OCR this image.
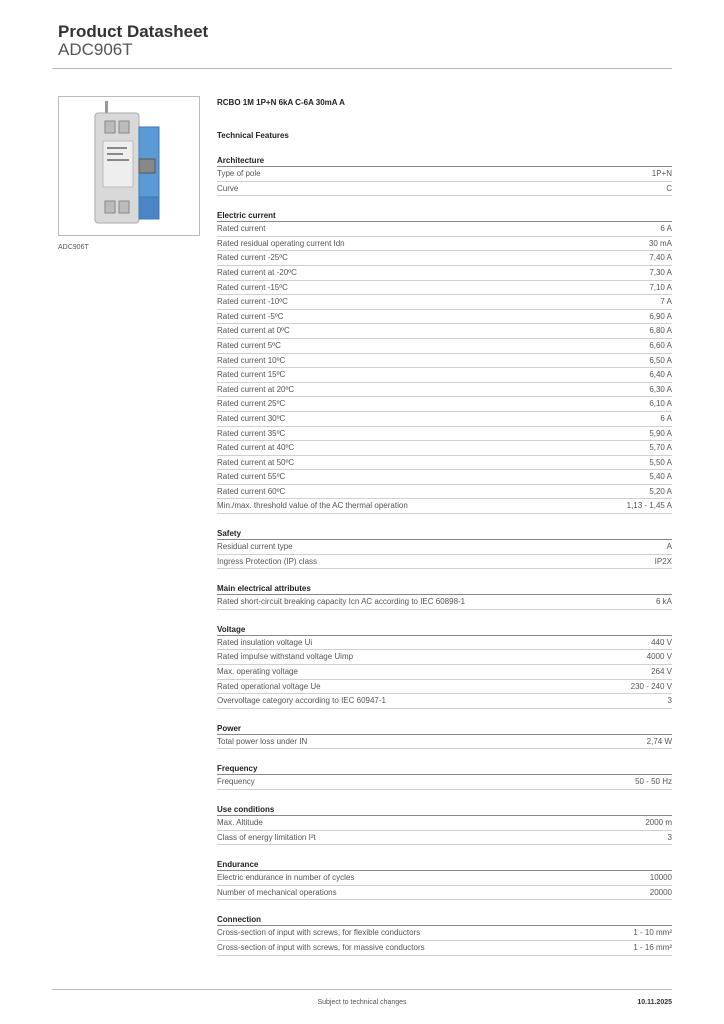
Product Datasheet
ADC906T
ADC906T
RCBO 1M 1P+N 6kA C-6A 30mA A
Technical Features
Architecture
Type of pole	1P+N
Curve	C
Electric current
Rated current	6 A
Rated residual operating current Idn	30 mA
Rated current -25ºC	7,40 A
Rated current at -20ºC	7,30 A
Rated current -15ºC	7,10 A
Rated current -10ºC	7 A
Rated current -5ºC	6,90 A
Rated current at 0ºC	6,80 A
Rated current 5ºC	6,60 A
Rated current 10ºC	6,50 A
Rated current 15ºC	6,40 A
Rated current at 20ºC	6,30 A
Rated current 25ºC	6,10 A
Rated current 30ºC	6 A
Rated current 35ºC	5,90 A
Rated current at 40ºC	5,70 A
Rated current at 50ºC	5,50 A
Rated current 55ºC	5,40 A
Rated current 60ºC	5,20 A
Min./max. threshold value of the AC thermal operation	1,13 - 1,45 A
Safety
Residual current type	A
Ingress Protection (IP) class	IP2X
Main electrical attributes
Rated short-circuit breaking capacity Icn AC according to IEC 60898-1	6 kA
Voltage
Rated insulation voltage Ui	440 V
Rated impulse withstand voltage Uimp	4000 V
Max. operating voltage	264 V
Rated operational voltage Ue	230 - 240 V
Overvoltage category according to IEC 60947-1	3
Power
Total power loss under IN	2,74 W
Frequency
Frequency	50 - 50 Hz
Use conditions
Max. Altitude	2000 m
Class of energy limitation I²t	3
Endurance
Electric endurance in number of cycles	10000
Number of mechanical operations	20000
Connection
Cross-section of input with screws, for flexible conductors	1 - 10 mm²
Cross-section of input with screws, for massive conductors	1 - 16 mm²
Subject to technical changes	10.11.2025
